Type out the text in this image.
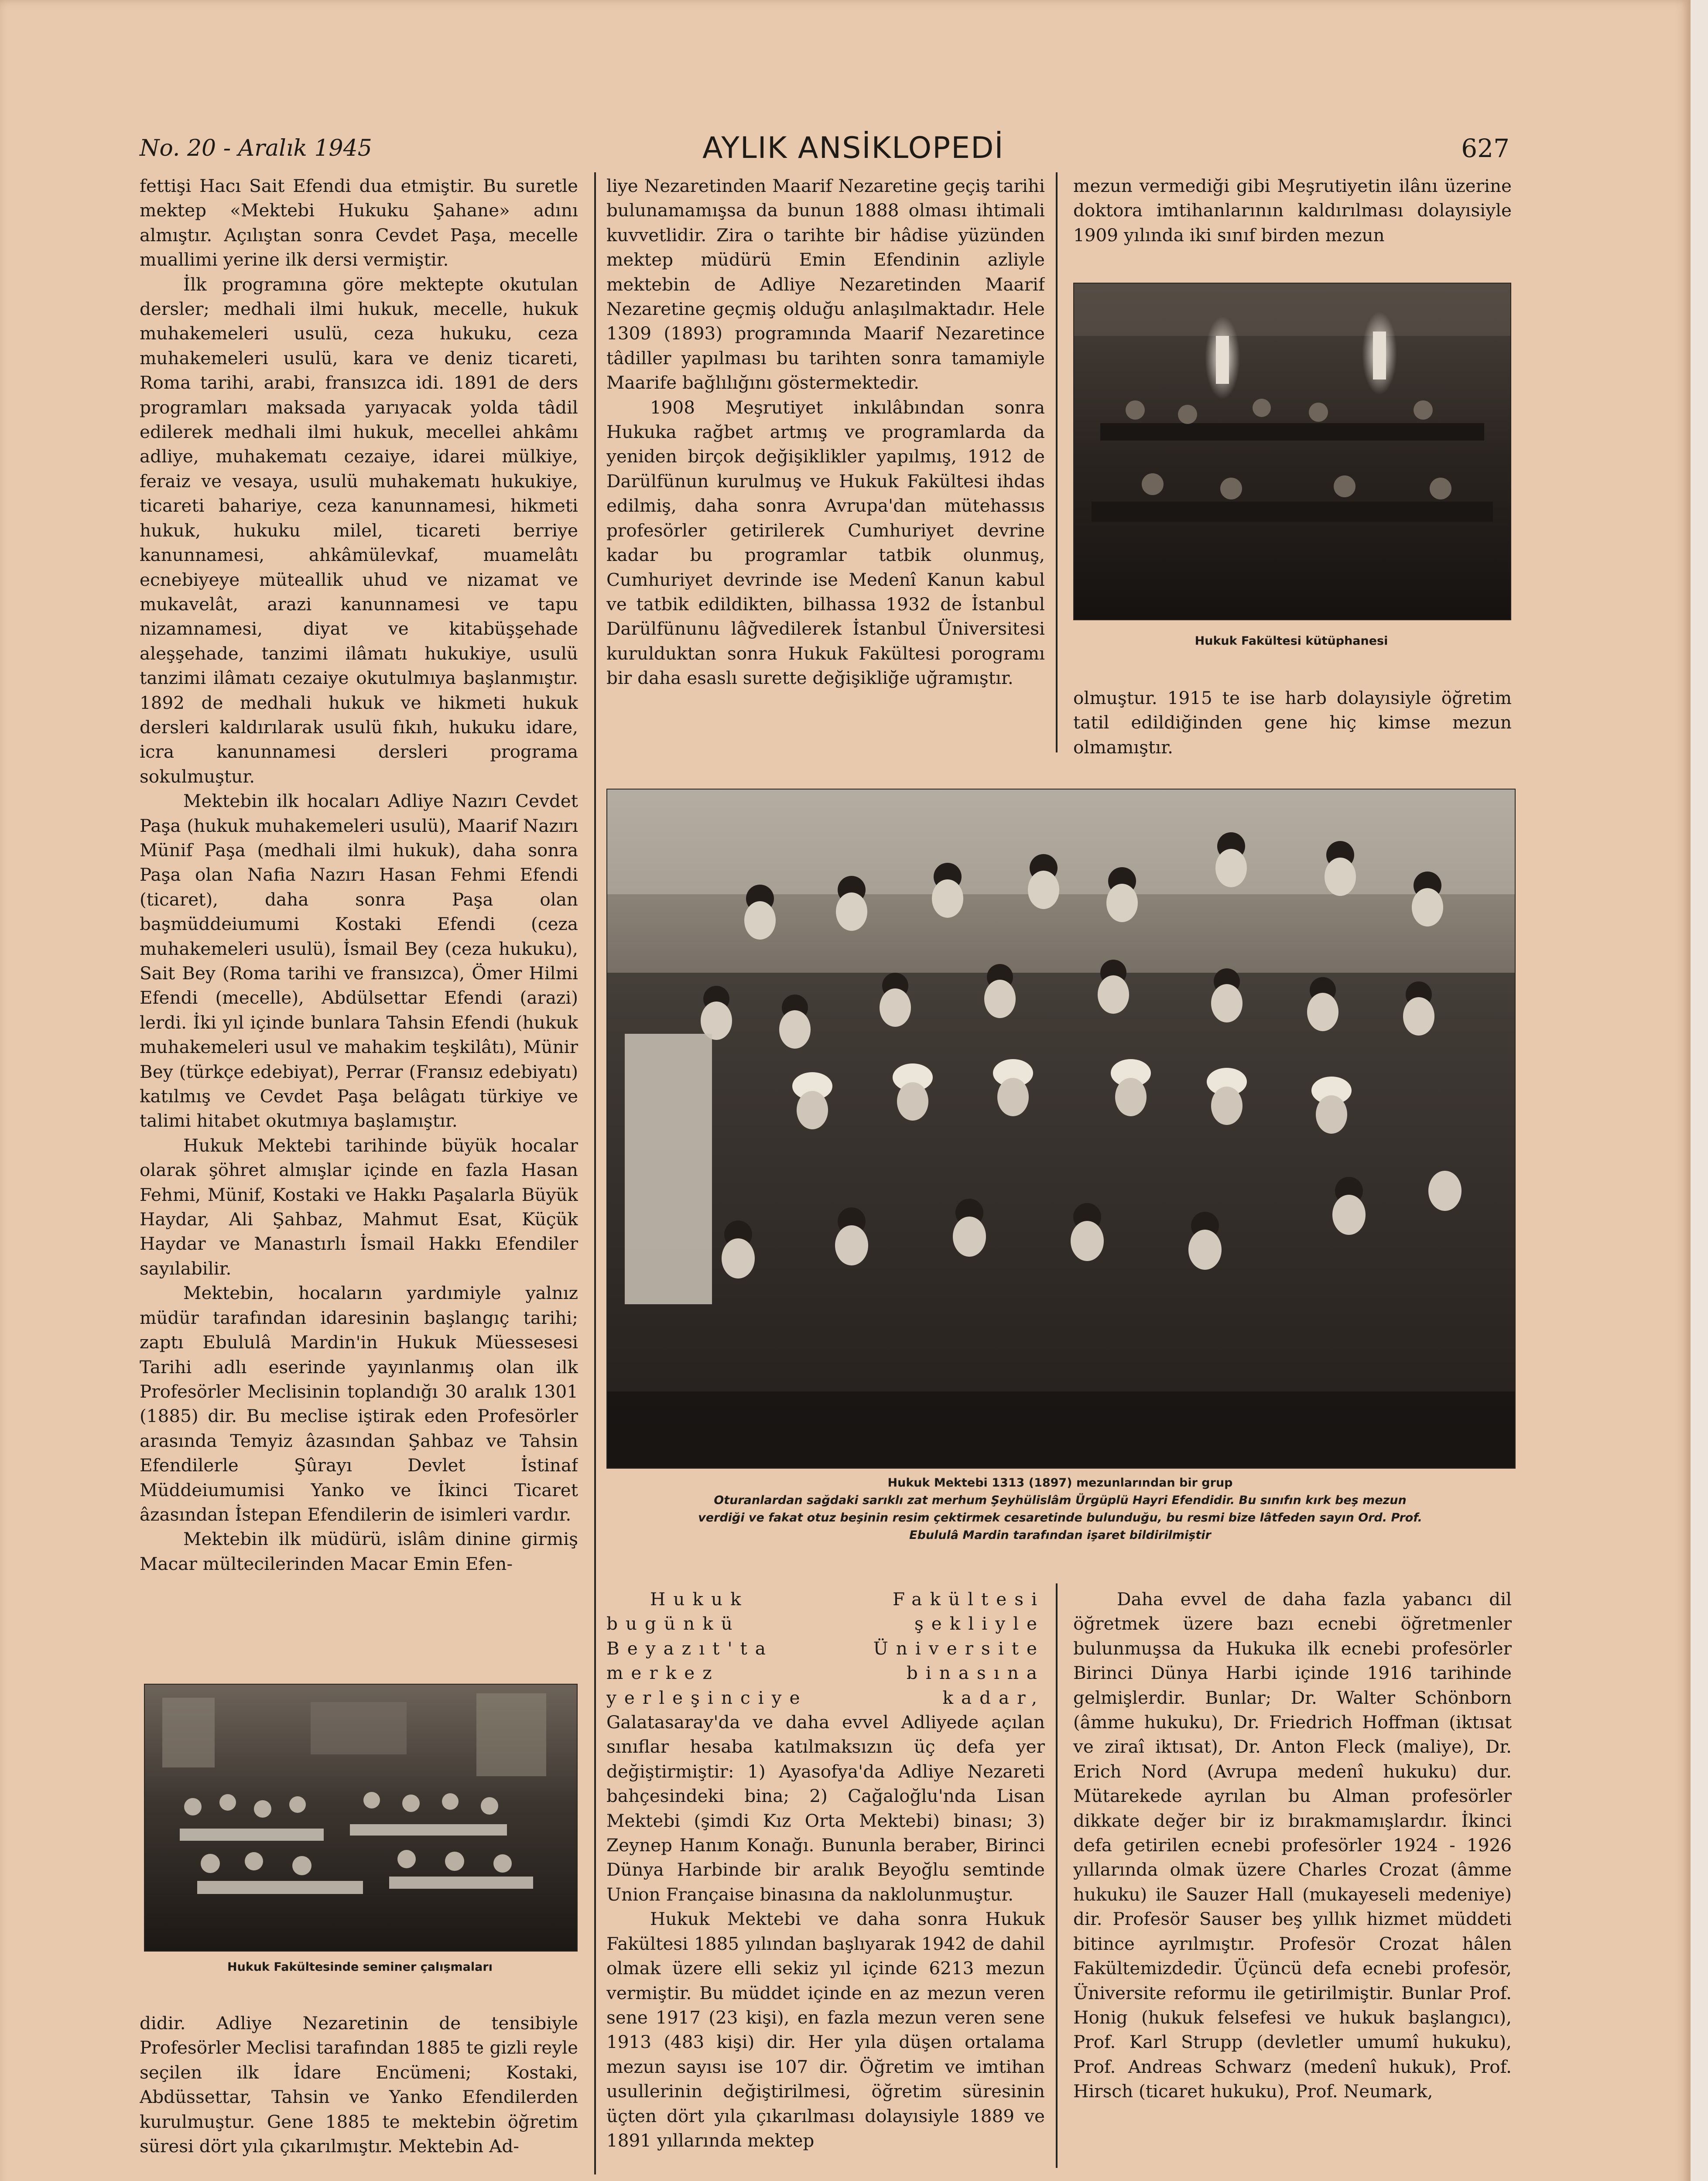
No. 20 - Aralık 1945	AYLIK ANSİKLOPEDİ	627

fettişi Hacı Sait Efendi dua etmiştir. Bu suretle mektep «Mektebi Hukuku Şahane» adını almıştır. Açılıştan sonra Cevdet Paşa, mecelle muallimi yerine ilk dersi vermiştir.

İlk programına göre mektepte okutulan dersler; medhali ilmi hukuk, mecelle, hukuk muhakemeleri usulü, ceza hukuku, ceza muhakemeleri usulü, kara ve deniz ticareti, Roma tarihi, arabi, fransızca idi. 1891 de ders programları maksada yarıyacak yolda tâdil edilerek medhali ilmi hukuk, mecellei ahkâmı adliye, muhakematı cezaiye, idarei mülkiye, feraiz ve vesaya, usulü muhakematı hukukiye, ticareti bahariye, ceza kanunnamesi, hikmeti hukuk, hukuku milel, ticareti berriye kanunnamesi, ahkâmülevkaf, muamelâtı ecnebiyeye müteallik uhud ve nizamat ve mukavelât, arazi kanunnamesi ve tapu nizamnamesi, diyat ve kitabüşşehade aleşşehade, tanzimi ilâmatı hukukiye, usulü tanzimi ilâmatı cezaiye okutulmıya başlanmıştır. 1892 de medhali hukuk ve hikmeti hukuk dersleri kaldırılarak usulü fıkıh, hukuku idare, icra kanunnamesi dersleri programa sokulmuştur.

Mektebin ilk hocaları Adliye Nazırı Cevdet Paşa (hukuk muhakemeleri usulü), Maarif Nazırı Münif Paşa (medhali ilmi hukuk), daha sonra Paşa olan Nafia Nazırı Hasan Fehmi Efendi (ticaret), daha sonra Paşa olan başmüddeiumumi Kostaki Efendi (ceza muhakemeleri usulü), İsmail Bey (ceza hukuku), Sait Bey (Roma tarihi ve fransızca), Ömer Hilmi Efendi (mecelle), Abdülsettar Efendi (arazi) lerdi. İki yıl içinde bunlara Tahsin Efendi (hukuk muhakemeleri usul ve mahakim teşkilâtı), Münir Bey (türkçe edebiyat), Perrar (Fransız edebiyatı) katılmış ve Cevdet Paşa belâgatı türkiye ve talimi hitabet okutmıya başlamıştır.

Hukuk Mektebi tarihinde büyük hocalar olarak şöhret almışlar içinde en fazla Hasan Fehmi, Münif, Kostaki ve Hakkı Paşalarla Büyük Haydar, Ali Şahbaz, Mahmut Esat, Küçük Haydar ve Manastırlı İsmail Hakkı Efendiler sayılabilir.

Mektebin, hocaların yardımiyle yalnız müdür tarafından idaresinin başlangıç tarihi; zaptı Ebululâ Mardin'in Hukuk Müessesesi Tarihi adlı eserinde yayınlanmış olan ilk Profesörler Meclisinin toplandığı 30 aralık 1301 (1885) dir. Bu meclise iştirak eden Profesörler arasında Temyiz âzasından Şahbaz ve Tahsin Efendilerle Şûrayı Devlet İstinaf Müddeiumumisi Yanko ve İkinci Ticaret âzasından İstepan Efendilerin de isimleri vardır.

Mektebin ilk müdürü, islâm dinine girmiş Macar mültecilerinden Macar Emin Efen-

Hukuk Fakültesinde seminer çalışmaları

didir. Adliye Nezaretinin de tensibiyle Profesörler Meclisi tarafından 1885 te gizli reyle seçilen ilk İdare Encümeni; Kostaki, Abdüssettar, Tahsin ve Yanko Efendilerden kurulmuştur. Gene 1885 te mektebin öğretim süresi dört yıla çıkarılmıştır. Mektebin Ad-

liye Nezaretinden Maarif Nezaretine geçiş tarihi bulunamamışsa da bunun 1888 olması ihtimali kuvvetlidir. Zira o tarihte bir hâdise yüzünden mektep müdürü Emin Efendinin azliyle mektebin de Adliye Nezaretinden Maarif Nezaretine geçmiş olduğu anlaşılmaktadır. Hele 1309 (1893) programında Maarif Nezaretince tâdiller yapılması bu tarihten sonra tamamiyle Maarife bağlılığını göstermektedir.

1908 Meşrutiyet inkılâbından sonra Hukuka rağbet artmış ve programlarda da yeniden birçok değişiklikler yapılmış, 1912 de Darülfünun kurulmuş ve Hukuk Fakültesi ihdas edilmiş, daha sonra Avrupa'dan mütehassıs profesörler getirilerek Cumhuriyet devrine kadar bu programlar tatbik olunmuş, Cumhuriyet devrinde ise Medenî Kanun kabul ve tatbik edildikten, bilhassa 1932 de İstanbul Darülfünunu lâğvedilerek İstanbul Üniversitesi kurulduktan sonra Hukuk Fakültesi porogramı bir daha esaslı surette değişikliğe uğramıştır.

mezun vermediği gibi Meşrutiyetin ilânı üzerine doktora imtihanlarının kaldırılması dolayısiyle 1909 yılında iki sınıf birden mezun

Hukuk Fakültesi kütüphanesi

olmuştur. 1915 te ise harb dolayısiyle öğretim tatil edildiğinden gene hiç kimse mezun olmamıştır.

Hukuk Mektebi 1313 (1897) mezunlarından bir grup
Oturanlardan sağdaki sarıklı zat merhum Şeyhülislâm Ürgüplü Hayri Efendidir. Bu sınıfın kırk beş mezun
verdiği ve fakat otuz beşinin resim çektirmek cesaretinde bulunduğu, bu resmi bize lâtfeden sayın Ord. Prof.
Ebululâ Mardin tarafından işaret bildirilmiştir

Hukuk Fakültesi bugünkü şekliyle Beyazıt'ta Üniversite merkez binasına yerleşinciye kadar, Galatasaray'da ve daha evvel Adliyede açılan sınıflar hesaba katılmaksızın üç defa yer değiştirmiştir: 1) Ayasofya'da Adliye Nezareti bahçesindeki bina; 2) Cağaloğlu'nda Lisan Mektebi (şimdi Kız Orta Mektebi) binası; 3) Zeynep Hanım Konağı. Bununla beraber, Birinci Dünya Harbinde bir aralık Beyoğlu semtinde Union Française binasına da naklolunmuştur.

Hukuk Mektebi ve daha sonra Hukuk Fakültesi 1885 yılından başlıyarak 1942 de dahil olmak üzere elli sekiz yıl içinde 6213 mezun vermiştir. Bu müddet içinde en az mezun veren sene 1917 (23 kişi), en fazla mezun veren sene 1913 (483 kişi) dir. Her yıla düşen ortalama mezun sayısı ise 107 dir. Öğretim ve imtihan usullerinin değiştirilmesi, öğretim süresinin üçten dört yıla çıkarılması dolayısiyle 1889 ve 1891 yıllarında mektep

Daha evvel de daha fazla yabancı dil öğretmek üzere bazı ecnebi öğretmenler bulunmuşsa da Hukuka ilk ecnebi profesörler Birinci Dünya Harbi içinde 1916 tarihinde gelmişlerdir. Bunlar; Dr. Walter Schönborn (âmme hukuku), Dr. Friedrich Hoffman (iktısat ve ziraî iktısat), Dr. Anton Fleck (maliye), Dr. Erich Nord (Avrupa medenî hukuku) dur. Mütarekede ayrılan bu Alman profesörler dikkate değer bir iz bırakmamışlardır. İkinci defa getirilen ecnebi profesörler 1924 - 1926 yıllarında olmak üzere Charles Crozat (âmme hukuku) ile Sauzer Hall (mukayeseli medeniye) dir. Profesör Sauser beş yıllık hizmet müddeti bitince ayrılmıştır. Profesör Crozat hâlen Fakültemizdedir. Üçüncü defa ecnebi profesör, Üniversite reformu ile getirilmiştir. Bunlar Prof. Honig (hukuk felsefesi ve hukuk başlangıcı), Prof. Karl Strupp (devletler umumî hukuku), Prof. Andreas Schwarz (medenî hukuk), Prof. Hirsch (ticaret hukuku), Prof. Neumark,
